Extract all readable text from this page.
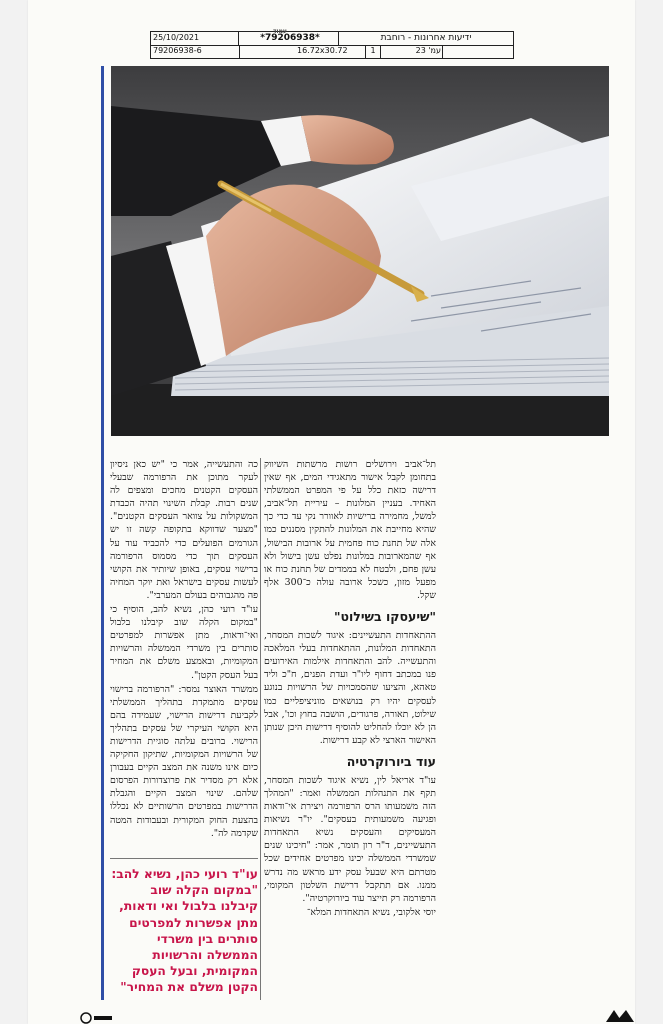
ידיעות אחרונות - רוחבת
עמוד
*79206938*
25/10/2021
עמ' 23
1
16.72x30.72
79206938-6

תל־אביב וירושלים רושות מרשתות השיווק בתחומן לקבל אישור מתאגידי המים, אף שאין דרישה כזאת כלל על פי המפרט הממשלתי האחיד. בעניין המלונות – עיריית תל־אביב, למשל, מחמירה ברישיות לאוורר נקי עד כדי כך שהיא מחייבת את המלונות להתקין מסננים כמו אלה של תחנת כוח פחמית על ארובות הבישול, אף שהמארובות במלונות נפלט עשן בישול ולא עשן פחם, ולבטח לא בממדים של תחנת כוח או מפעל מזון, כשכל ארובה עולה כ־300 אלף שקל.

"שיעסקו בשילוט"

ההתאחדות התעשיינים: איגוד לשכות המסחר, התאחדות המלונות, ההתאחדות בעלי המלאכה והתעשייה. להב והתאחדות אילמות האירועים פנו במכתב דחוף ליו"ר ועדת הפנים, ח"כ וליד טאהא, והציעו שהסמכויות של הרשויות בנוגע לעסקים יהיו רק בנושאים מוניציפליים כמו שילוט, תאורה, פרגודים, הושבה בחוץ וכו', אבל הן לא יוכלו להחליט להוסיף דרישות היכן שנותן האישור הארצי לא קבע דרישות.

עוד ביורוקרטיה

עו"ד אריאל לין, נשיא איגוד לשכות המסחר, תקף את התנהלות הממשלה ואמר: "המהלך הזה משמעותו הרס הרפורמה ויצירת אי־ודאות ופגיעה משמעותית בעסקים". יו"ר נשיאות המעסיקים והעסקים נשיא התאחדות התעשיינים, ד"ר רון תומר, אמר: "חיכינו שנים שמשרדי הממשלה יכינו מפרטים אחידים שכל מטרתם היא שבעל עסק ידע מראש מה נדרש ממנו. אם תתקבל דרישת השלטון המקומי, הרפורמה רק תייצר עוד ביורוקרטיה".

יוסי אלקובי, נשיא התאחדות המלא־

כה והתעשייה, אמר כי "יש כאן ניסיון לעקר מתוכן את הרפורמה שבעלי העסקים הקטנים מחכים ומצפים לה שנים רבות. קבלת השינוי תהיה הכבדת המשקולות על צוואר העסקים הקטנים". "מצער שדווקא בתקופה קשה זו יש הגורמים הפועלים כדי להכביד עוד על העסקים תוך כדי מסמוס הרפורמה ברישוי עסקים, באופן שיותיר את הקושי לעשות עסקים בישראל ואת יוקר המחיה פה מהגבוהים בעולם המערבי".

עו"ד רועי כהן, נשיא להב, הוסיף כי "במקום הקלה שוב קיבלנו בלבול ואי־ודאות, מתן אפשרות למפרטים סותרים בין משרדי הממשלה והרשויות המקומיות, ובאמצע משלם את המחיר בעל העסק הקטן".

ממשרד האוצר נמסר: "הרפורמה ברישוי עסקים מתמקדת בתהליך הממשלתי לקביעת דרישות הרישוי, שעמידה בהם היא הקושי העיקרי של עסקים בתהליך הרישוי. ברובים עלתה סוגיית הדרישות של הרשויות המקומיות, שתיקון החקיקה כיום אינו משנה את המצב הקיים בעבורן אלא רק מסדיר את פרוצדורות הפרסום שלהם. שינוי המצב הקיים והגבלת הדרישות במפרטים הרשותיים לא נכללו בהצעת החוק המקורית ובעבודות המטה שקדמה לה".

עו"ד רועי כהן, נשיא להב: "במקום הקלה שוב קיבלנו בלבול ואי ודאות, מתן אפשרות למפרטים סותרים בין משרדי הממשלה והרשויות המקומית, ובעל העסק הקטן משלם את המחיר"
